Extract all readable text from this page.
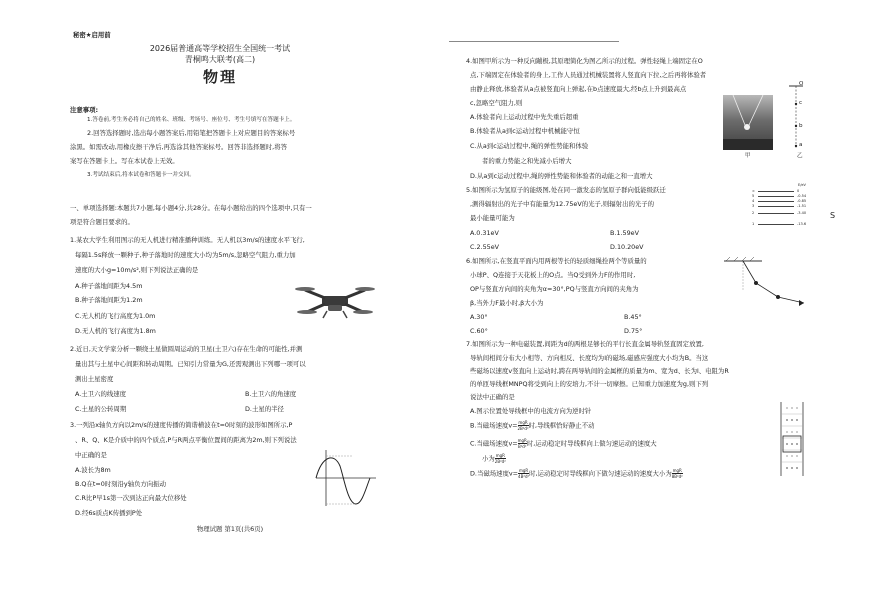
秘密★启用前
2026届普通高等学校招生全国统一考试
青桐鸣大联考(高二)
物理
注意事项:
1.答卷前,考生务必将自己的姓名、班级、考场号、座位号、考生号填写在答题卡上。
2.回答选择题时,选出每小题答案后,用铅笔把答题卡上对应题目的答案标号
涂黑。如需改动,用橡皮擦干净后,再选涂其他答案标号。回答非选择题时,将答
案写在答题卡上。写在本试卷上无效。
3.考试结束后,将本试卷和答题卡一并交回。
一、单项选择题:本题共7小题,每小题4分,共28分。在每小题给出的四个选项中,只有一
项是符合题目要求的。
1.某农大学生利用图示的无人机进行精准播种训练。无人机以3m/s的速度水平飞行,
每隔1.5s释放一颗种子,种子落地时的速度大小均为5m/s,忽略空气阻力,重力加
速度的大小g=10m/s²,则下列说法正确的是
A.种子落地间距为4.5m
B.种子落地间距为1.2m
C.无人机的飞行高度为1.0m
D.无人机的飞行高度为1.8m
2.近日,天文学家分析一颗绕土星做圆周运动的卫星(土卫六)存在生命的可能性,并测
量出其与土星中心间距和转动周期。已知引力常量为G,还需观测出下列哪一项可以
测出土星密度
A.土卫六的线速度	B.土卫六的角速度
C.土星的公转周期	D.土星的半径
3.一列沿x轴负方向以2m/s的速度传播的简谐横波在t=0时刻的波形如图所示,P
、R、Q、K是介质中的四个质点,P与R两点平衡位置间的距离为2m,则下列说法
中正确的是
A.波长为8m
B.Q在t=0时刻沿y轴负方向振动
C.R比P早1s第一次到达正向最大位移处
D.经6s质点K传播到P处
物理试题 第1页(共6页)
4.如图甲所示为一种反向蹦极,其原理简化为图乙所示的过程。弹性轻绳上端固定在O
点,下端固定在体验者的身上,工作人员通过机械装置将人竖直向下拉,之后再将体验者
由静止释放,体验者从a点被竖直向上弹起,在b点速度最大,经b点上升到最高点
c,忽略空气阻力,则
A.体验者向上运动过程中先失重后超重
B.体验者从a到c运动过程中机械能守恒
C.从a到c运动过程中,绳的弹性势能和体验
者的重力势能之和先减小后增大
D.从a到c运动过程中,绳的弹性势能和体验者的动能之和一直增大
甲
O
c
b
a
乙
5.如图所示为氢原子的能级图,处在同一激发态的氢原子群向低能级跃迁
,测得辐射出的光子中有能量为12.75eV的光子,则辐射出的光子的
最小能量可能为
A.0.31eV	B.1.59eV
C.2.55eV	D.10.20eV
E/eV
∞	0
5	-0.54
4	-0.85
3	-1.51
2	-3.40
1	-13.6
S
6.如图所示,在竖直平面内用两根等长的轻质细绳拴两个等质量的
小球P、Q连接于天花板上的O点。当Q受到外力F的作用时,
OP与竖直方向间的夹角为α=30°,PQ与竖直方向间的夹角为
β,当外力F最小时,β大小为
A.30°	B.45°
C.60°	D.75°
7.如图所示为一种电磁装置,间距为d的两根足够长的平行长直金属导轨竖直固定放置,
导轨间相间分布大小相等、方向相反、长度均为l的磁场,磁感应强度大小均为B。当这
些磁场以速度v竖直向上运动时,跨在两导轨间的金属框的质量为m、宽为d、长为l、电阻为R
的单匝导线框MNPQ将受到向上的安培力,不计一切摩擦。已知重力加速度为g,则下列
说法中正确的是
A.图示位置处导线框中的电流方向为逆时针
B.当磁场速度v= mgR
2B²d² 时,导线框恰好静止不动
C.当磁场速度v= mgR
B²d² 时,运动稳定时导线框向上做匀速运动的速度大
小为 mgR
2B²d²
D.当磁场速度v= mgR
4B²d² 时,运动稳定时导线框向下做匀速运动的速度大小为 mgR
8B²d²
